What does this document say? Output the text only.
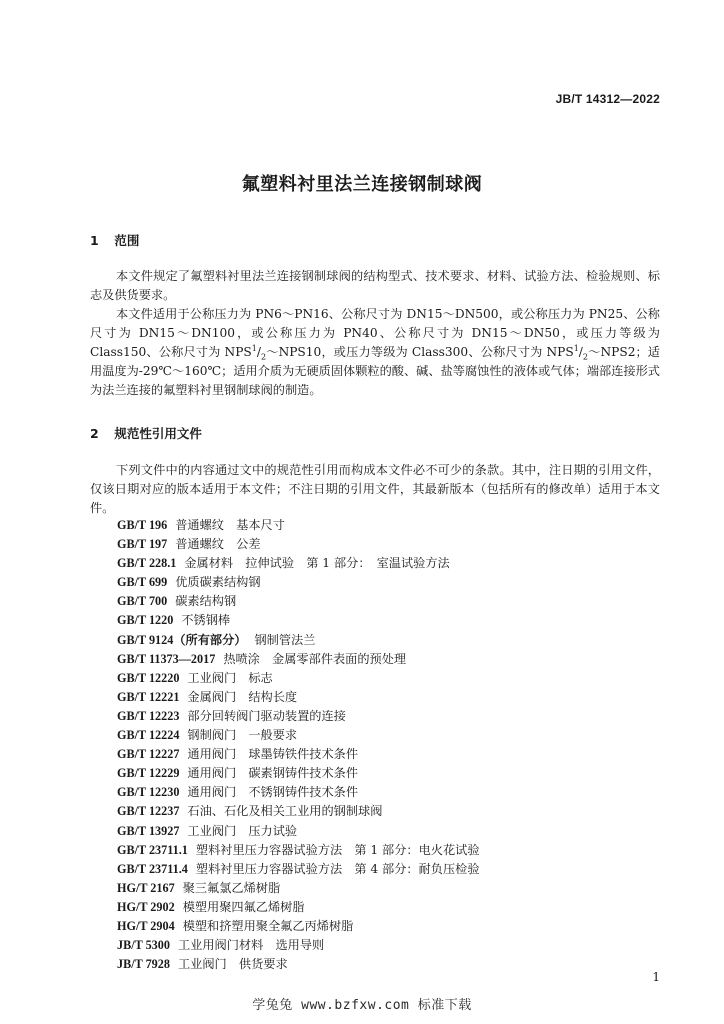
JB/T 14312—2022
氟塑料衬里法兰连接钢制球阀
1 范围
本文件规定了氟塑料衬里法兰连接钢制球阀的结构型式、技术要求、材料、试验方法、检验规则、标志及供货要求。
本文件适用于公称压力为 PN6～PN16、公称尺寸为 DN15～DN500，或公称压力为 PN25、公称尺寸为 DN15～DN100，或公称压力为 PN40、公称尺寸为 DN15～DN50，或压力等级为 Class150、公称尺寸为 $NPS^1/_2\sim NPS10$，或压力等级为 Class300、公称尺寸为 $NPS^1/_2\sim NPS2$；适用温度为-29℃～160℃；适用介质为无硬质固体颗粒的酸、碱、盐等腐蚀性的液体或气体；端部连接形式为法兰连接的氟塑料衬里钢制球阀的制造。
2 规范性引用文件
下列文件中的内容通过文中的规范性引用而构成本文件必不可少的条款。其中，注日期的引用文件，仅该日期对应的版本适用于本文件；不注日期的引用文件，其最新版本（包括所有的修改单）适用于本文件。
GB/T 196 普通螺纹　基本尺寸
GB/T 197 普通螺纹　公差
GB/T 228.1 金属材料　拉伸试验　第 1 部分：　室温试验方法
GB/T 699 优质碳素结构钢
GB/T 700 碳素结构钢
GB/T 1220 不锈钢棒
GB/T 9124（所有部分） 钢制管法兰
GB/T 11373—2017 热喷涂　金属零部件表面的预处理
GB/T 12220 工业阀门　标志
GB/T 12221 金属阀门　结构长度
GB/T 12223 部分回转阀门驱动装置的连接
GB/T 12224 钢制阀门　一般要求
GB/T 12227 通用阀门　球墨铸铁件技术条件
GB/T 12229 通用阀门　碳素钢铸件技术条件
GB/T 12230 通用阀门　不锈钢铸件技术条件
GB/T 12237 石油、石化及相关工业用的钢制球阀
GB/T 13927 工业阀门　压力试验
GB/T 23711.1 塑料衬里压力容器试验方法　第 1 部分：电火花试验
GB/T 23711.4 塑料衬里压力容器试验方法　第 4 部分：耐负压检验
HG/T 2167 聚三氟氯乙烯树脂
HG/T 2902 模塑用聚四氟乙烯树脂
HG/T 2904 模塑和挤塑用聚全氟乙丙烯树脂
JB/T 5300 工业用阀门材料　选用导则
JB/T 7928 工业阀门　供货要求
1
学兔兔 www.bzfxw.com 标准下载
